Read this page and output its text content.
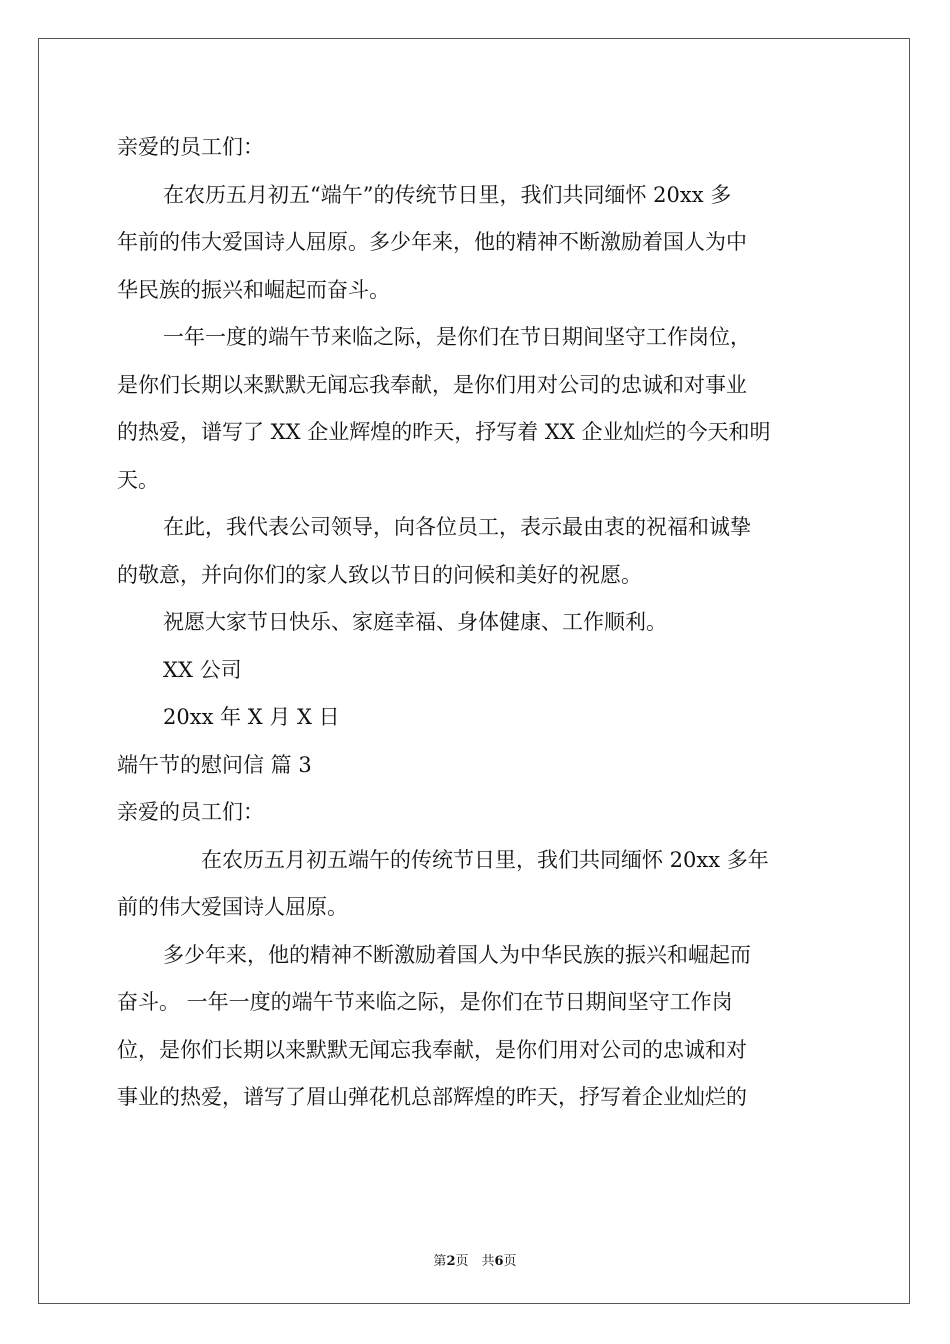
亲爱的员工们：
在农历五月初五“端午”的传统节日里，我们共同缅怀 20xx 多
年前的伟大爱国诗人屈原。多少年来，他的精神不断激励着国人为中
华民族的振兴和崛起而奋斗。
一年一度的端午节来临之际，是你们在节日期间坚守工作岗位，
是你们长期以来默默无闻忘我奉献，是你们用对公司的忠诚和对事业
的热爱，谱写了 XX 企业辉煌的昨天，抒写着 XX 企业灿烂的今天和明
天。
在此，我代表公司领导，向各位员工，表示最由衷的祝福和诚挚
的敬意，并向你们的家人致以节日的问候和美好的祝愿。
祝愿大家节日快乐、家庭幸福、身体健康、工作顺利。
XX 公司
20xx 年 X 月 X 日
端午节的慰问信 篇 3
亲爱的员工们：
在农历五月初五端午的传统节日里，我们共同缅怀 20xx 多年
前的伟大爱国诗人屈原。
多少年来，他的精神不断激励着国人为中华民族的振兴和崛起而
奋斗。 一年一度的端午节来临之际，是你们在节日期间坚守工作岗
位，是你们长期以来默默无闻忘我奉献，是你们用对公司的忠诚和对
事业的热爱，谱写了眉山弹花机总部辉煌的昨天，抒写着企业灿烂的
第2页　共6页
